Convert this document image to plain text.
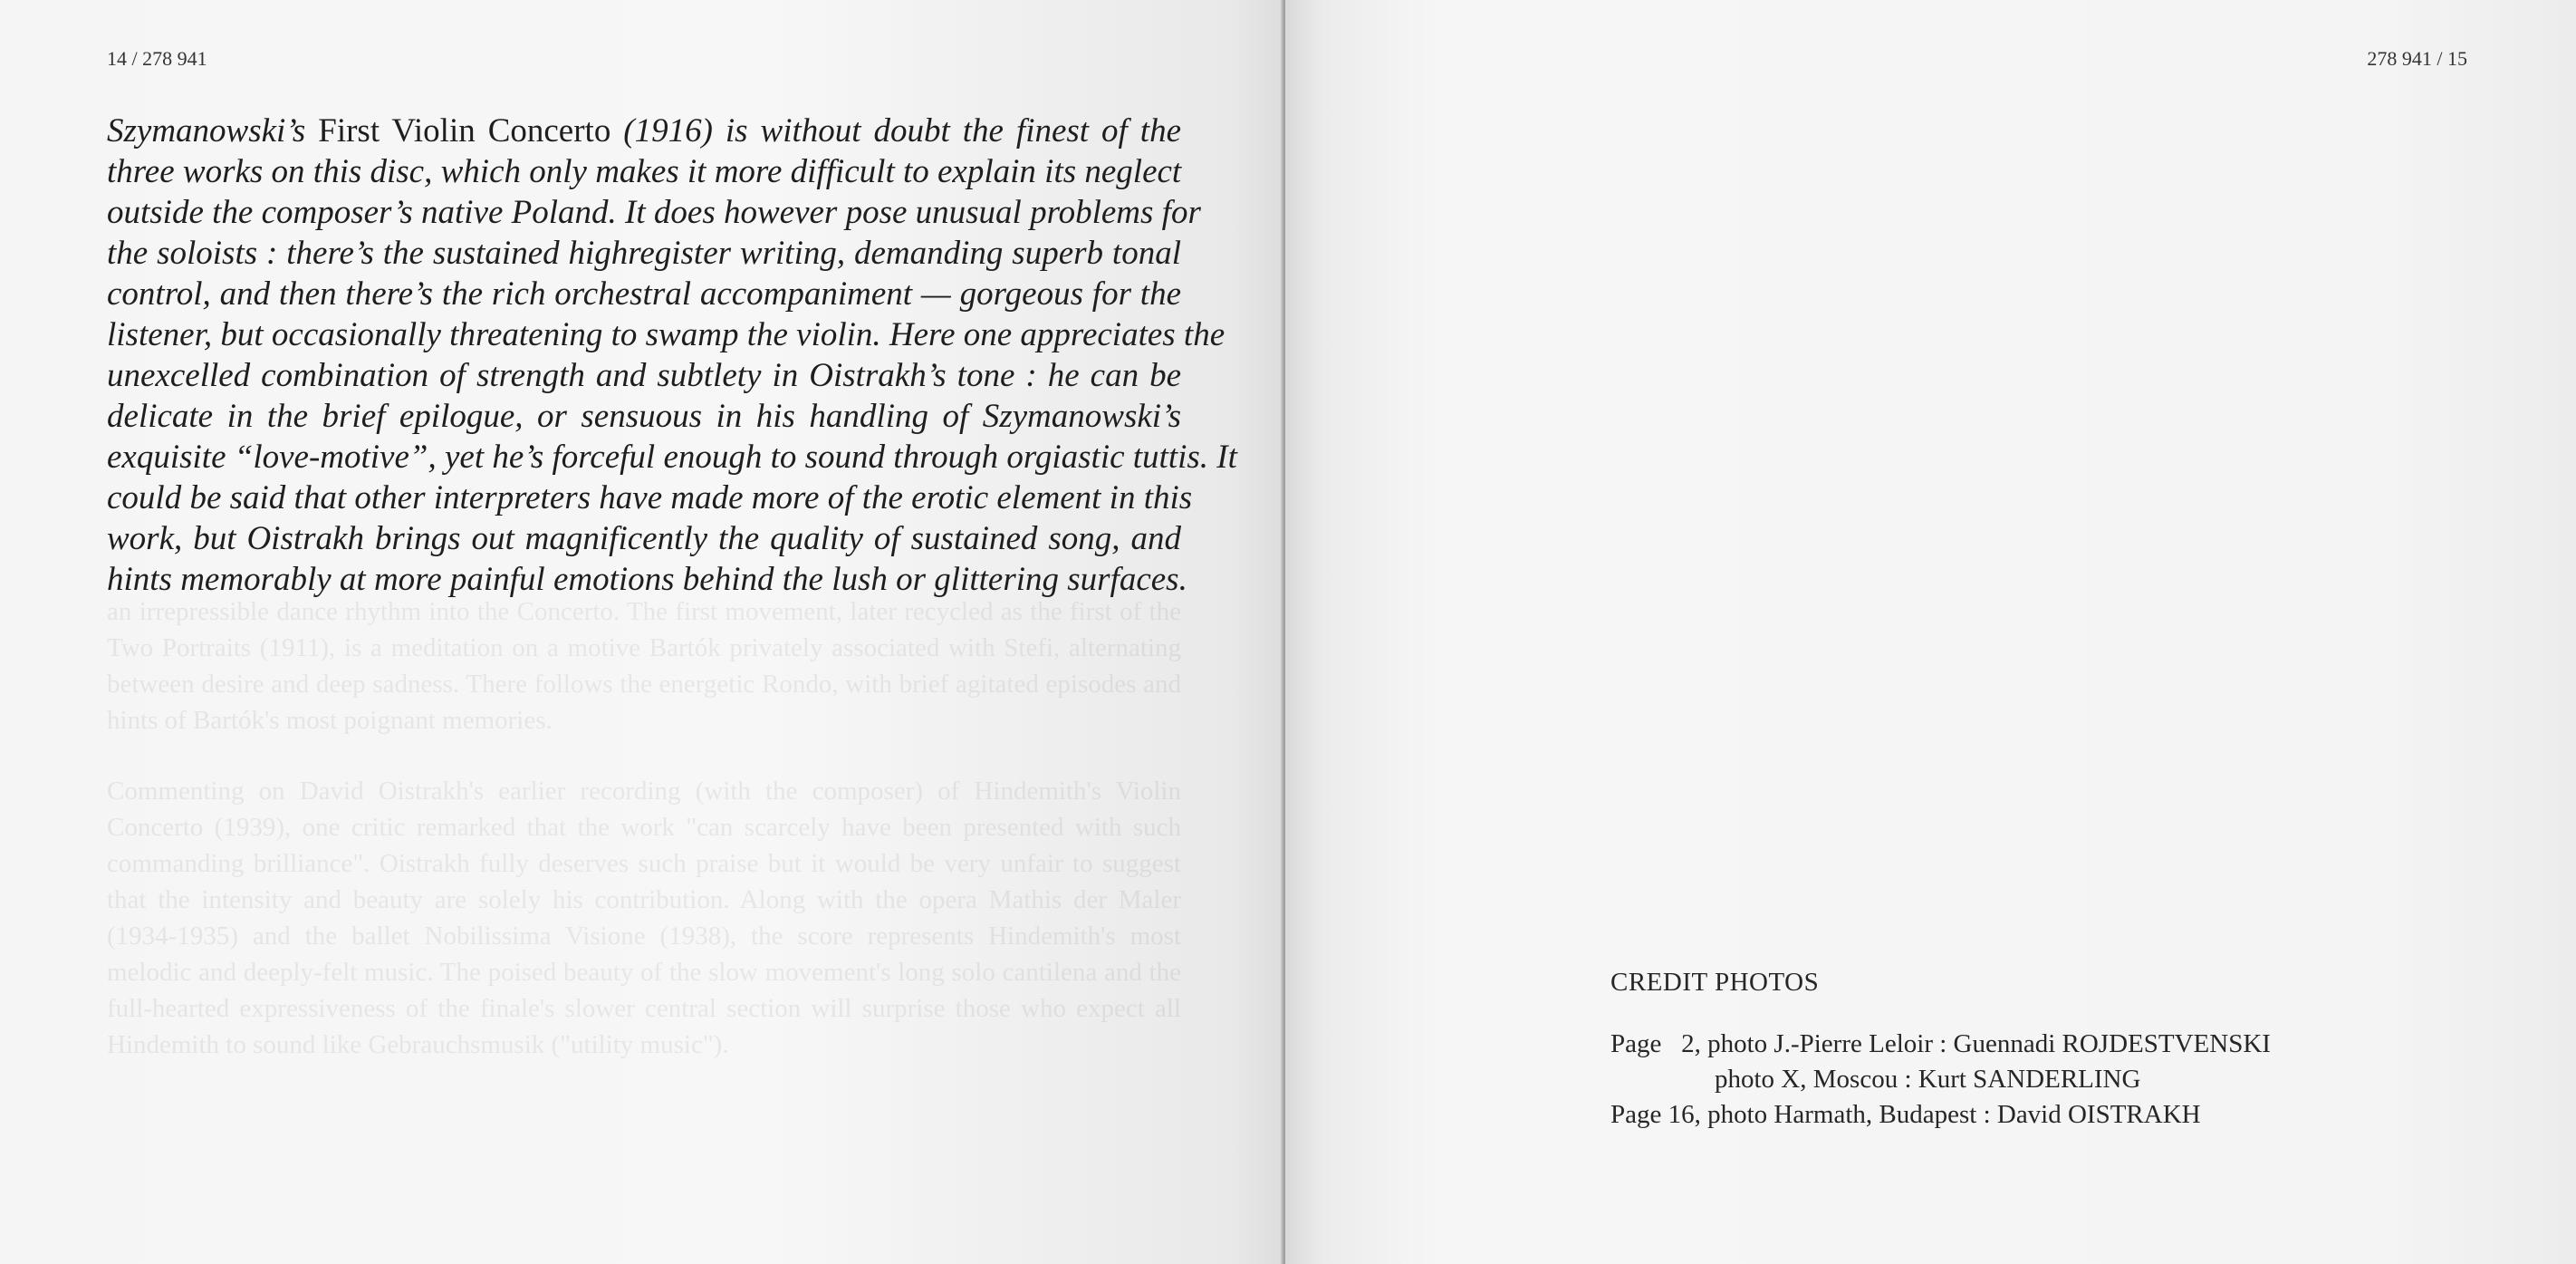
14 / 278 941

an irrepressible dance rhythm into the Concerto. The first movement, later recycled as the first of the Two Portraits (1911), is a meditation on a motive Bartók privately associated with Stefi, alternating between desire and deep sadness. There follows the energetic Rondo, with brief agitated episodes and hints of Bartók's most poignant memories.

Commenting on David Oistrakh's earlier recording (with the composer) of Hindemith's Violin Concerto (1939), one critic remarked that the work "can scarcely have been presented with such commanding brilliance". Oistrakh fully deserves such praise but it would be very unfair to suggest that the intensity and beauty are solely his contribution. Along with the opera Mathis der Maler (1934-1935) and the ballet Nobilissima Visione (1938), the score represents Hindemith's most melodic and deeply-felt music. The poised beauty of the slow movement's long solo cantilena and the full-hearted expressiveness of the finale's slower central section will surprise those who expect all Hindemith to sound like Gebrauchsmusik ("utility music").

Szymanowski’s First Violin Concerto (1916) is without doubt the finest of the
three works on this disc, which only makes it more difficult to explain its neglect
outside the composer’s native Poland. It does however pose unusual problems for
the soloists : there’s the sustained highregister writing, demanding superb tonal
control, and then there’s the rich orchestral accompaniment — gorgeous for the
listener, but occasionally threatening to swamp the violin. Here one appreciates the
unexcelled combination of strength and subtlety in Oistrakh’s tone : he can be
delicate in the brief epilogue, or sensuous in his handling of Szymanowski’s
exquisite “love-motive”, yet he’s forceful enough to sound through orgiastic tuttis. It
could be said that other interpreters have made more of the erotic element in this
work, but Oistrakh brings out magnificently the quality of sustained song, and
hints memorably at more painful emotions behind the lush or glittering surfaces.
278 941 / 15
CREDIT PHOTOS
Page   2, photo J.-Pierre Leloir : Guennadi ROJDESTVENSKI
photo X, Moscou : Kurt SANDERLING
Page 16, photo Harmath, Budapest : David OISTRAKH
